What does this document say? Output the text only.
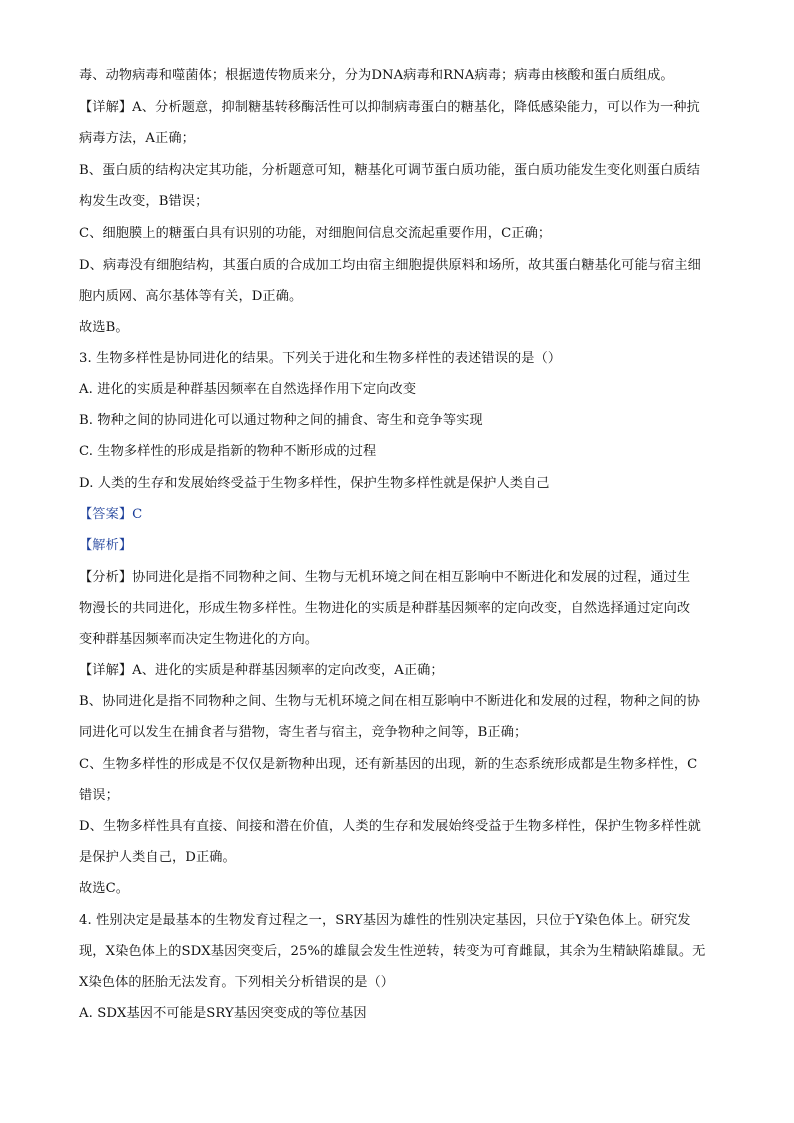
毒、动物病毒和噬菌体；根据遗传物质来分，分为DNA病毒和RNA病毒；病毒由核酸和蛋白质组成。
【详解】A、分析题意，抑制糖基转移酶活性可以抑制病毒蛋白的糖基化，降低感染能力，可以作为一种抗
病毒方法，A正确；
B、蛋白质的结构决定其功能，分析题意可知，糖基化可调节蛋白质功能，蛋白质功能发生变化则蛋白质结
构发生改变，B错误；
C、细胞膜上的糖蛋白具有识别的功能，对细胞间信息交流起重要作用，C正确；
D、病毒没有细胞结构，其蛋白质的合成加工均由宿主细胞提供原料和场所，故其蛋白糖基化可能与宿主细
胞内质网、高尔基体等有关，D正确。
故选B。
3. 生物多样性是协同进化的结果。下列关于进化和生物多样性的表述错误的是（）
A. 进化的实质是种群基因频率在自然选择作用下定向改变
B. 物种之间的协同进化可以通过物种之间的捕食、寄生和竞争等实现
C. 生物多样性的形成是指新的物种不断形成的过程
D. 人类的生存和发展始终受益于生物多样性，保护生物多样性就是保护人类自己
【答案】C
【解析】
【分析】协同进化是指不同物种之间、生物与无机环境之间在相互影响中不断进化和发展的过程，通过生
物漫长的共同进化，形成生物多样性。生物进化的实质是种群基因频率的定向改变，自然选择通过定向改
变种群基因频率而决定生物进化的方向。
【详解】A、进化的实质是种群基因频率的定向改变，A正确；
B、协同进化是指不同物种之间、生物与无机环境之间在相互影响中不断进化和发展的过程，物种之间的协
同进化可以发生在捕食者与猎物，寄生者与宿主，竞争物种之间等，B正确；
C、生物多样性的形成是不仅仅是新物种出现，还有新基因的出现，新的生态系统形成都是生物多样性，C
错误；
D、生物多样性具有直接、间接和潜在价值，人类的生存和发展始终受益于生物多样性，保护生物多样性就
是保护人类自己，D正确。
故选C。
4. 性别决定是最基本的生物发育过程之一，SRY基因为雄性的性别决定基因，只位于Y染色体上。研究发
现，X染色体上的SDX基因突变后，25%的雄鼠会发生性逆转，转变为可育雌鼠，其余为生精缺陷雄鼠。无
X染色体的胚胎无法发育。下列相关分析错误的是（）
A. SDX基因不可能是SRY基因突变成的等位基因
